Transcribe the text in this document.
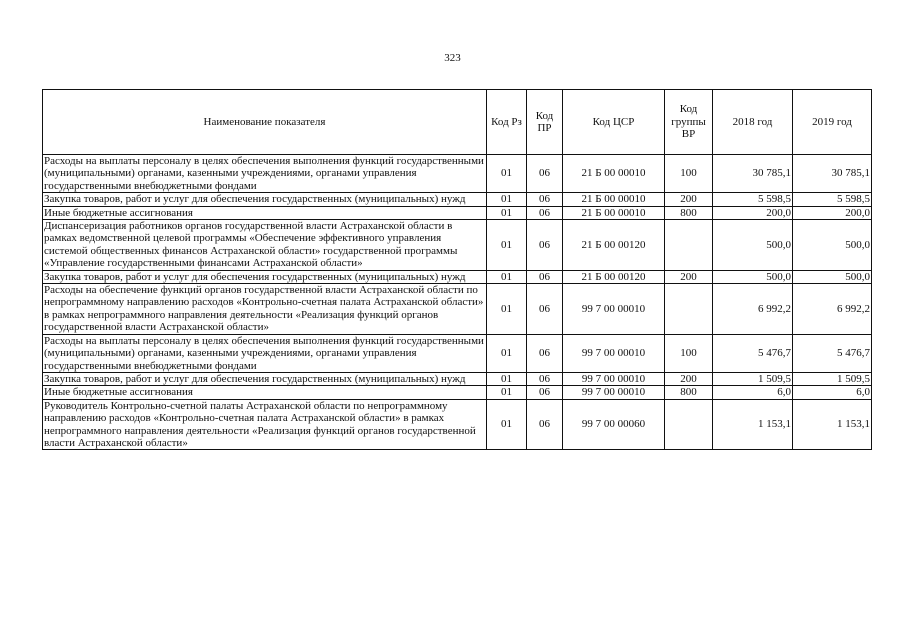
323
Наименование показателя	Код Рз	Код ПР	Код ЦСР	Код группы ВР	2018 год	2019 год
Расходы на выплаты персоналу в целях обеспечения выполнения функций государственными (муниципальными) органами, казенными учреждениями, органами управления государственными внебюджетными фондами	01	06	21 Б 00 00010	100	30 785,1	30 785,1
Закупка товаров, работ и услуг для обеспечения государственных (муниципальных) нужд	01	06	21 Б 00 00010	200	5 598,5	5 598,5
Иные бюджетные ассигнования	01	06	21 Б 00 00010	800	200,0	200,0
Диспансеризация работников органов государственной власти Астраханской области в рамках ведомственной целевой программы «Обеспечение эффективного управления системой общественных финансов Астраханской области» государственной программы «Управление государственными финансами Астраханской области»	01	06	21 Б 00 00120		500,0	500,0
Закупка товаров, работ и услуг для обеспечения государственных (муниципальных) нужд	01	06	21 Б 00 00120	200	500,0	500,0
Расходы на обеспечение функций органов государственной власти Астраханской области по непрограммному направлению расходов «Контрольно-счетная палата Астраханской области» в рамках непрограммного направления деятельности «Реализация функций органов государственной власти Астраханской области»	01	06	99 7 00 00010		6 992,2	6 992,2
Расходы на выплаты персоналу в целях обеспечения выполнения функций государственными (муниципальными) органами, казенными учреждениями, органами управления государственными внебюджетными фондами	01	06	99 7 00 00010	100	5 476,7	5 476,7
Закупка товаров, работ и услуг для обеспечения государственных (муниципальных) нужд	01	06	99 7 00 00010	200	1 509,5	1 509,5
Иные бюджетные ассигнования	01	06	99 7 00 00010	800	6,0	6,0
Руководитель Контрольно-счетной палаты Астраханской области по непрограммному направлению расходов «Контрольно-счетная палата Астраханской области» в рамках непрограммного направления деятельности «Реализация функций органов государственной власти Астраханской области»	01	06	99 7 00 00060		1 153,1	1 153,1
